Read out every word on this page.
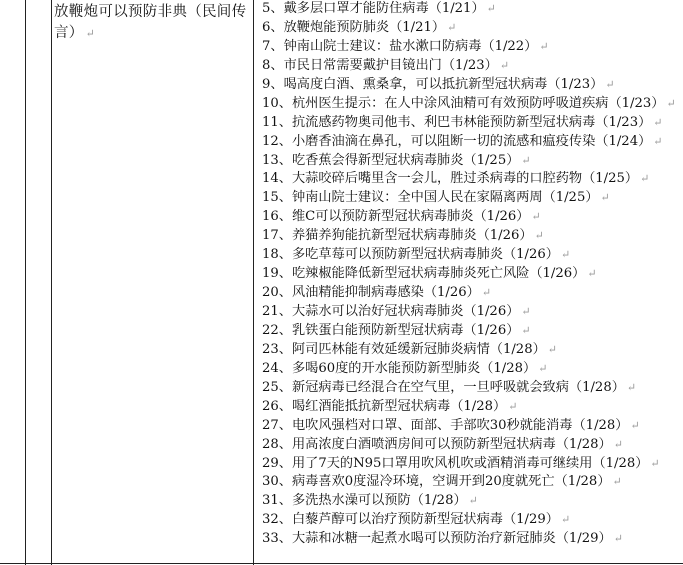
放鞭炮可以预防非典（民间传言） ↵
5、戴多层口罩才能防住病毒（1/21） ↵
6、放鞭炮能预防肺炎（1/21） ↵
7、钟南山院士建议：盐水漱口防病毒（1/22） ↵
8、市民日常需要戴护目镜出门（1/23） ↵
9、喝高度白酒、熏桑拿，可以抵抗新型冠状病毒（1/23） ↵
10、杭州医生提示：在人中涂风油精可有效预防呼吸道疾病（1/23） ↵
11、抗流感药物奥司他韦、利巴韦林能预防新型冠状病毒（1/23） ↵
12、小磨香油滴在鼻孔，可以阻断一切的流感和瘟疫传染（1/24） ↵
13、吃香蕉会得新型冠状病毒肺炎（1/25） ↵
14、大蒜咬碎后嘴里含一会儿，胜过杀病毒的口腔药物（1/25） ↵
15、钟南山院士建议：全中国人民在家隔离两周（1/25） ↵
16、维C可以预防新型冠状病毒肺炎（1/26） ↵
17、养猫养狗能抗新型冠状病毒肺炎（1/26） ↵
18、多吃草莓可以预防新型冠状病毒肺炎（1/26） ↵
19、吃辣椒能降低新型冠状病毒肺炎死亡风险（1/26） ↵
20、风油精能抑制病毒感染（1/26） ↵
21、大蒜水可以治好冠状病毒肺炎（1/26） ↵
22、乳铁蛋白能预防新型冠状病毒（1/26） ↵
23、阿司匹林能有效延缓新冠肺炎病情（1/28） ↵
24、多喝60度的开水能预防新型肺炎（1/28） ↵
25、新冠病毒已经混合在空气里，一旦呼吸就会致病（1/28） ↵
26、喝红酒能抵抗新型冠状病毒（1/28） ↵
27、电吹风强档对口罩、面部、手部吹30秒就能消毒（1/28） ↵
28、用高浓度白酒喷洒房间可以预防新型冠状病毒（1/28） ↵
29、用了7天的N95口罩用吹风机吹或酒精消毒可继续用（1/28） ↵
30、病毒喜欢0度湿冷环境，空调开到20度就死亡（1/28） ↵
31、多洗热水澡可以预防（1/28） ↵
32、白藜芦醇可以治疗预防新型冠状病毒（1/29） ↵
33、大蒜和冰糖一起煮水喝可以预防治疗新冠肺炎（1/29） ↵
